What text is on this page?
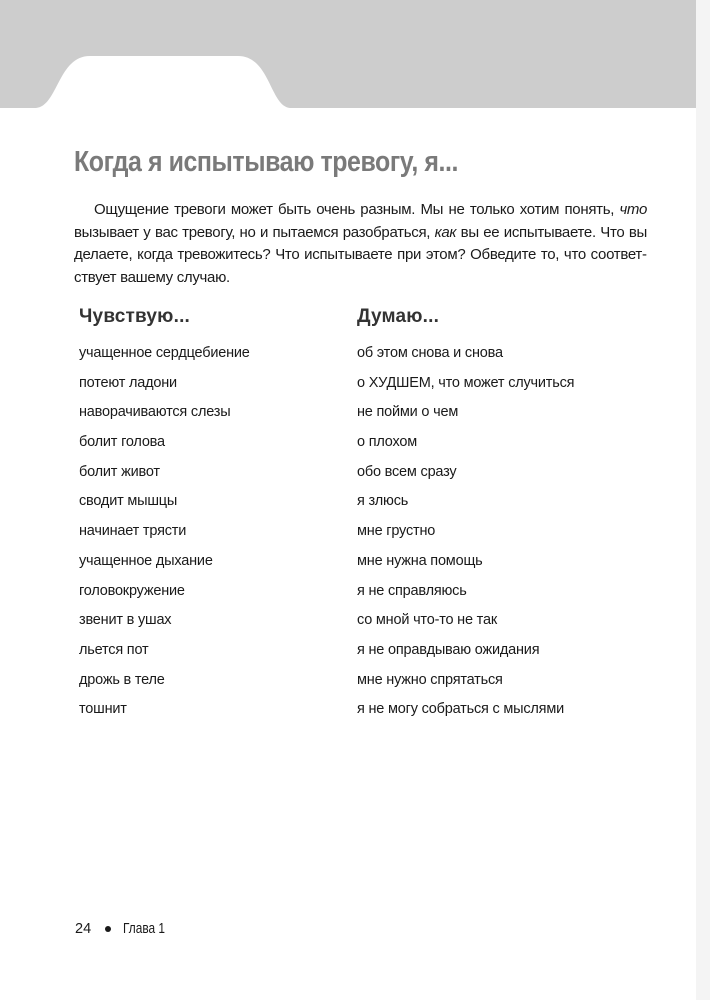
Когда я испытываю тревогу, я...

Ощущение тревоги может быть очень разным. Мы не только хотим понять, что вызывает у вас тревогу, но и пытаемся разобраться, как вы ее испытываете. Что вы делаете, когда тревожитесь? Что испытываете при этом? Обведите то, что соответствует вашему случаю.

Чувствую...
учащенное сердцебиение
потеют ладони
наворачиваются слезы
болит голова
болит живот
сводит мышцы
начинает трясти
учащенное дыхание
головокружение
звенит в ушах
льется пот
дрожь в теле
тошнит
Думаю...
об этом снова и снова
о ХУДШЕМ, что может случиться
не пойми о чем
о плохом
обо всем сразу
я злюсь
мне грустно
мне нужна помощь
я не справляюсь
со мной что-то не так
я не оправдываю ожидания
мне нужно спрятаться
я не могу собраться с мыслями
24 Глава 1
